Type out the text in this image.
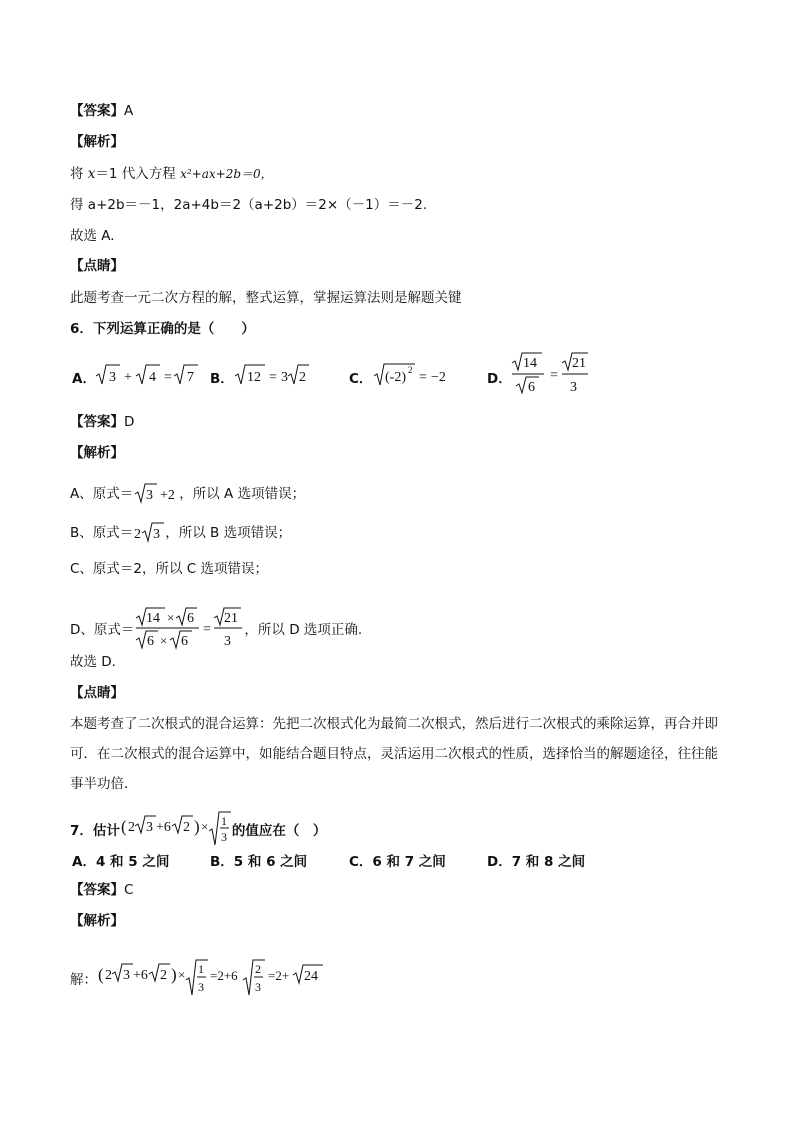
【答案】A
【解析】
将 x＝1 代入方程 x²+ax+2b＝0，
得 a+2b＝－1，2a+4b＝2（a+2b）＝2×（－1）＝－2.
故选 A.
【点睛】
此题考查一元二次方程的解，整式运算，掌握运算法则是解题关键
6．下列运算正确的是（　　）
A． 3 + 4 = 7 B． 12 = 3 2	C． (-2) 2 = −2	D．
14
6
=
21
3
【答案】D
【解析】
A、原式＝ 3 +2 ，所以 A 选项错误；
B、原式＝ 2 3 ，所以 B 选项错误；
C、原式＝2，所以 C 选项错误；
D、原式＝
14 × 6
6 × 6
=
21
3
，所以 D 选项正确.
故选 D.
【点睛】
本题考查了二次根式的混合运算：先把二次根式化为最简二次根式，然后进行二次根式的乘除运算，再合并即可．在二次根式的混合运算中，如能结合题目特点，灵活运用二次根式的性质，选择恰当的解题途径，往往能事半功倍．
7．估计 ( 2 3 +6 2 ) × 1
3 的值应在（　）
A．4 和 5 之间	B．5 和 6 之间	C．6 和 7 之间	D．7 和 8 之间
【答案】C
【解析】
解： ( 2 3 +6 2 ) × 1
3
=2+6 2
3
=2+ 24
